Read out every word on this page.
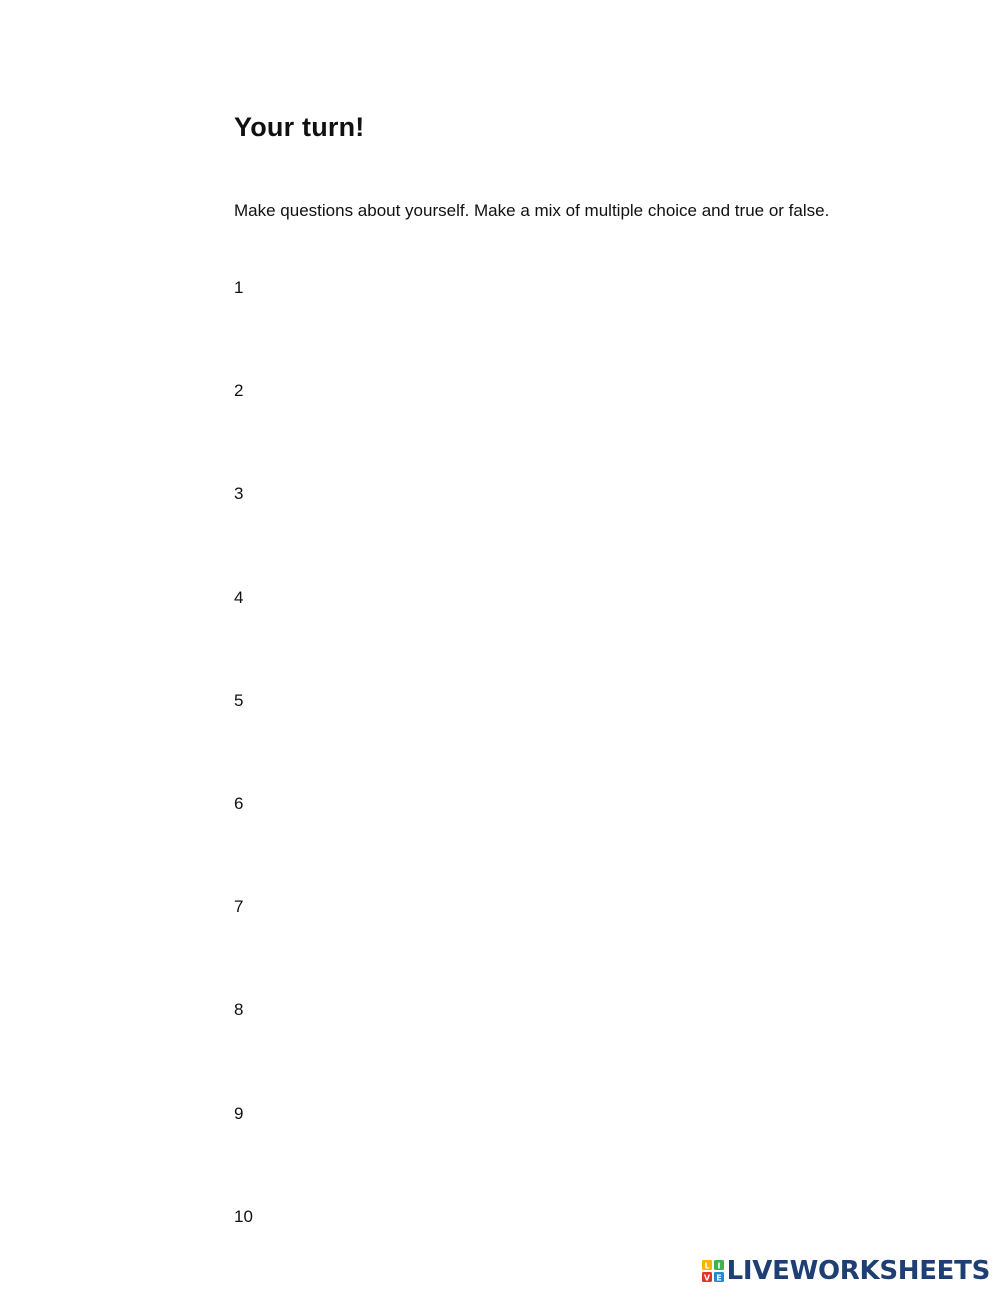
Your turn!

Make questions about yourself. Make a mix of multiple choice and true or false.

1
2
3
4
5
6
7
8
9
10
L I
V E LIVEWORKSHEETS
